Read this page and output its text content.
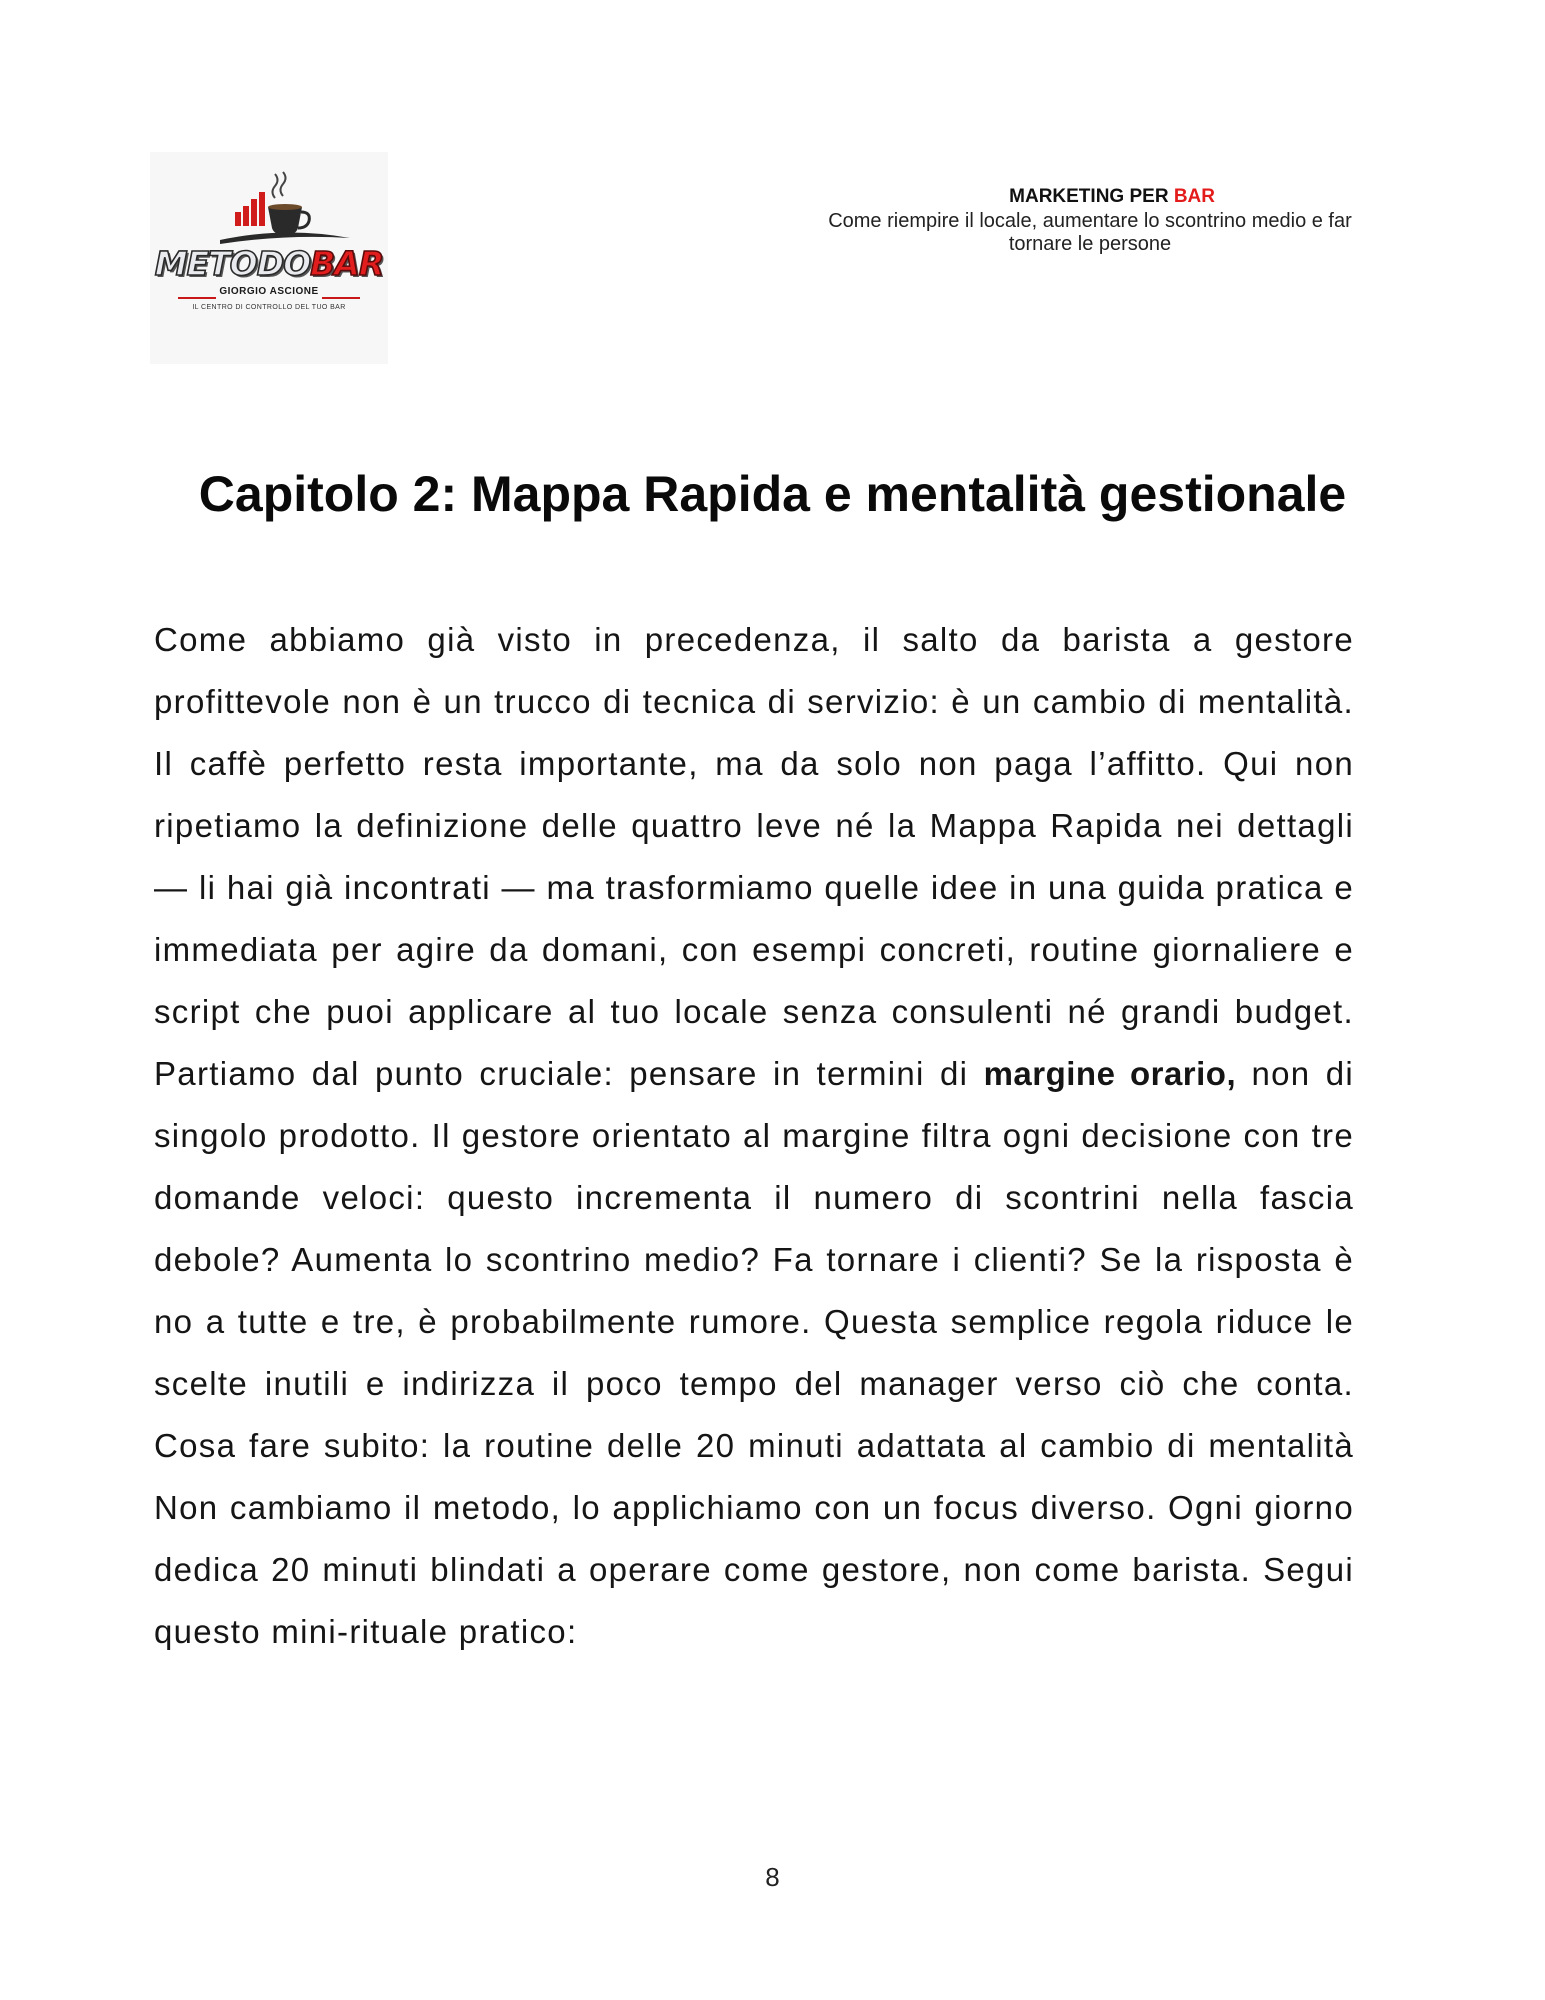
METODOBAR
GIORGIO ASCIONE
IL CENTRO DI CONTROLLO DEL TUO BAR
MARKETING PER BAR
Come riempire il locale, aumentare lo scontrino medio e far tornare le persone
Capitolo 2: Mappa Rapida e mentalità gestionale
Come abbiamo già visto in precedenza, il salto da barista a gestore profittevole non è un trucco di tecnica di servizio: è un cambio di mentalità. Il caffè perfetto resta importante, ma da solo non paga l’affitto. Qui non ripetiamo la definizione delle quattro leve né la Mappa Rapida nei dettagli — li hai già incontrati — ma trasformiamo quelle idee in una guida pratica e immediata per agire da domani, con esempi concreti, routine giornaliere e script che puoi applicare al tuo locale senza consulenti né grandi budget. Partiamo dal punto cruciale: pensare in termini di margine orario, non di singolo prodotto. Il gestore orientato al margine filtra ogni decisione con tre domande veloci: questo incrementa il numero di scontrini nella fascia debole? Aumenta lo scontrino medio? Fa tornare i clienti? Se la risposta è no a tutte e tre, è probabilmente rumore. Questa semplice regola riduce le scelte inutili e indirizza il poco tempo del manager verso ciò che conta. Cosa fare subito: la routine delle 20 minuti adattata al cambio di mentalità Non cambiamo il metodo, lo applichiamo con un focus diverso. Ogni giorno dedica 20 minuti blindati a operare come gestore, non come barista. Segui questo mini-rituale pratico:
8
